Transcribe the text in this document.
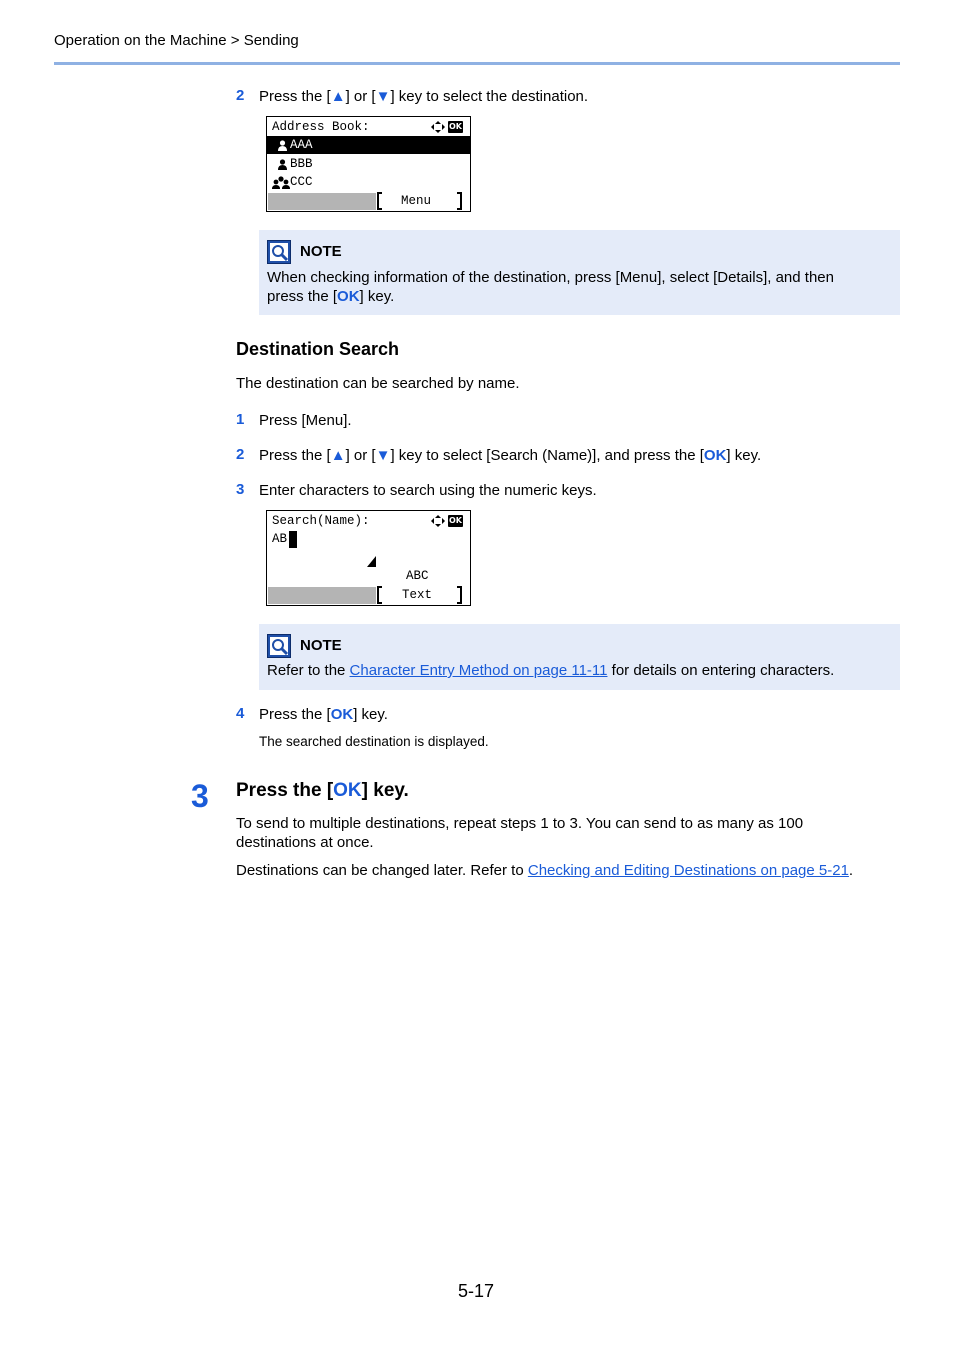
Operation on the Machine > Sending
2 Press the [▲] or [▼] key to select the destination.
Address Book:	OK
AAA
BBB
CCC
Menu
NOTE
When checking information of the destination, press [Menu], select [Details], and then
press the [OK] key.
Destination Search
The destination can be searched by name.
1 Press [Menu].
2 Press the [▲] or [▼] key to select [Search (Name)], and press the [OK] key.
3 Enter characters to search using the numeric keys.
Search(Name):	OK
AB
ABC
Text
NOTE
Refer to the Character Entry Method on page 11-11 for details on entering characters.
4 Press the [OK] key.
The searched destination is displayed.
3 Press the [OK] key.
To send to multiple destinations, repeat steps 1 to 3. You can send to as many as 100
destinations at once.
Destinations can be changed later. Refer to Checking and Editing Destinations on page 5-21.
5-17
